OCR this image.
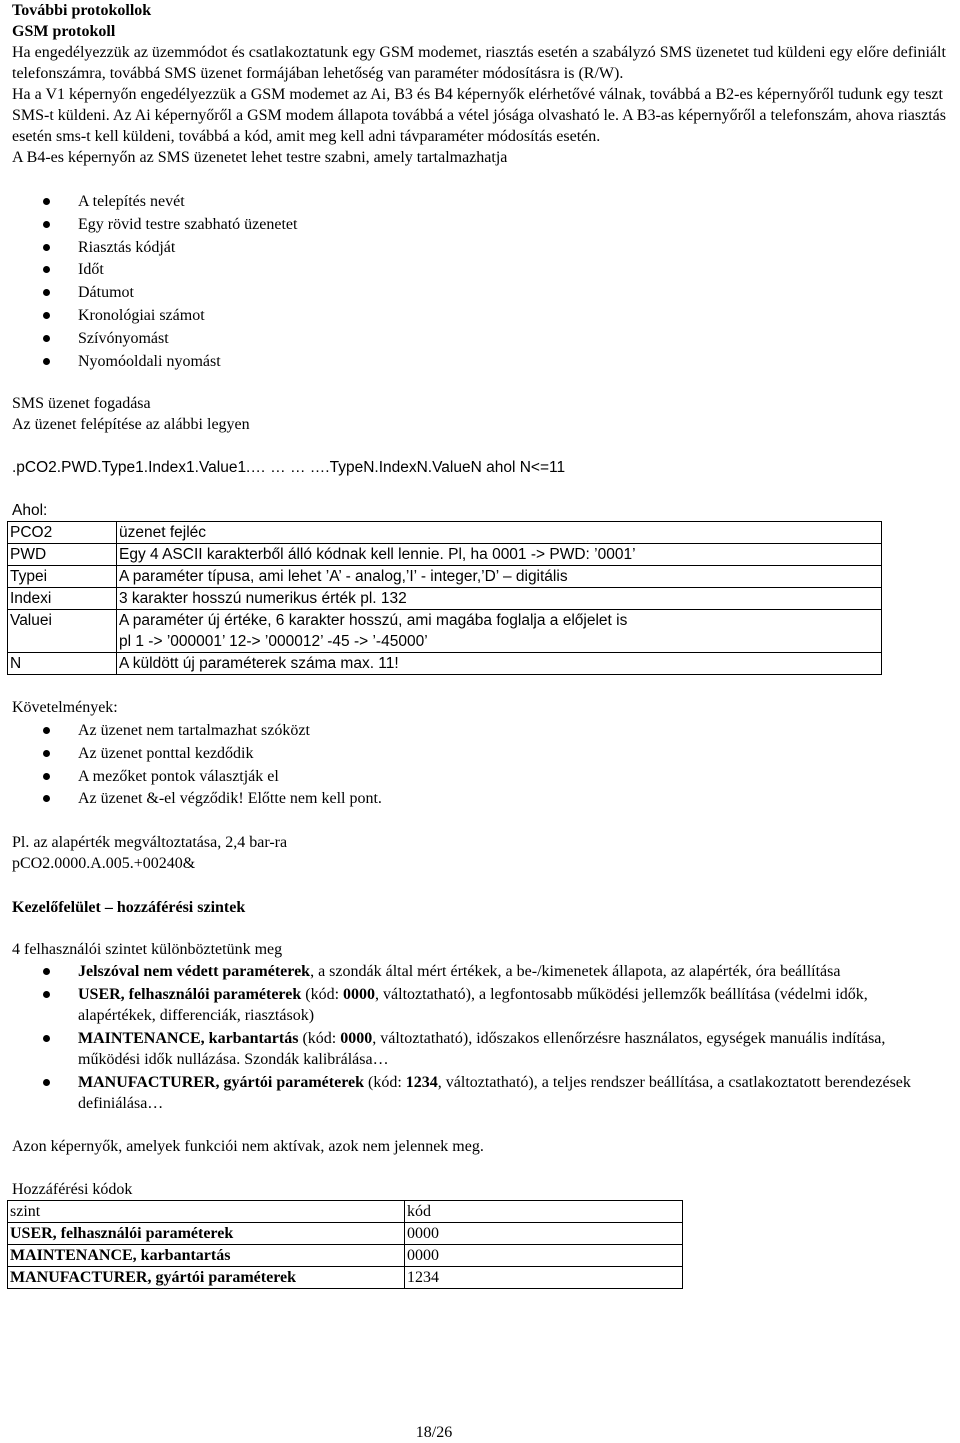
További protokollok

GSM protokoll

Ha engedélyezzük az üzemmódot és csatlakoztatunk egy GSM modemet, riasztás esetén a szabályzó SMS üzenetet tud küldeni egy előre definiált telefonszámra, továbbá SMS üzenet formájában lehetőség van paraméter módosításra is (R/W).

Ha a V1 képernyőn engedélyezzük a GSM modemet az Ai, B3 és B4 képernyők elérhetővé válnak, továbbá a B2-es képernyőről tudunk egy teszt SMS-t küldeni. Az Ai képernyőről a GSM modem állapota továbbá a vétel jósága olvasható le. A B3-as képernyőről a telefonszám, ahova riasztás esetén sms-t kell küldeni, továbbá a kód, amit meg kell adni távparaméter módosítás esetén.

A B4-es képernyőn az SMS üzenetet lehet testre szabni, amely tartalmazhatja

A telepítés nevét
Egy rövid testre szabható üzenetet
Riasztás kódját
Időt
Dátumot
Kronológiai számot
Szívónyomást
Nyomóoldali nyomást

SMS üzenet fogadása

Az üzenet felépítése az alábbi legyen

.pCO2.PWD.Type1.Index1.Value1.… … … ….TypeN.IndexN.ValueN ahol N<=11

Ahol:

PCO2	üzenet fejléc
PWD	Egy 4 ASCII karakterből álló kódnak kell lennie. Pl, ha 0001 -> PWD: ’0001’
Typei	A paraméter típusa, ami lehet ’A’ - analog,’I’ - integer,’D’ – digitális
Indexi	3 karakter hosszú numerikus érték pl. 132
Valuei	A paraméter új értéke, 6 karakter hosszú, ami magába foglalja a előjelet is
pl 1 -> ’000001’ 12-> ’000012’ -45 -> ’-45000’

N	A küldött új paraméterek száma max. 11!

Követelmények:

Az üzenet nem tartalmazhat szóközt
Az üzenet ponttal kezdődik
A mezőket pontok választják el
Az üzenet &-el végződik! Előtte nem kell pont.

Pl. az alapérték megváltoztatása, 2,4 bar-ra

pCO2.0000.A.005.+00240&

Kezelőfelület – hozzáférési szintek

4 felhasználói szintet különböztetünk meg

Jelszóval nem védett paraméterek, a szondák által mért értékek, a be-/kimenetek állapota, az alapérték, óra beállítása
USER, felhasználói paraméterek (kód: 0000, változtatható), a legfontosabb működési jellemzők beállítása (védelmi idők, alapértékek, differenciák, riasztások)
MAINTENANCE, karbantartás (kód: 0000, változtatható), időszakos ellenőrzésre használatos, egységek manuális indítása, működési idők nullázása. Szondák kalibrálása…
MANUFACTURER, gyártói paraméterek (kód: 1234, változtatható), a teljes rendszer beállítása, a csatlakoztatott berendezések definiálása…

Azon képernyők, amelyek funkciói nem aktívak, azok nem jelennek meg.

Hozzáférési kódok

szint	kód
USER, felhasználói paraméterek	0000
MAINTENANCE, karbantartás	0000
MANUFACTURER, gyártói paraméterek	1234
18/26
